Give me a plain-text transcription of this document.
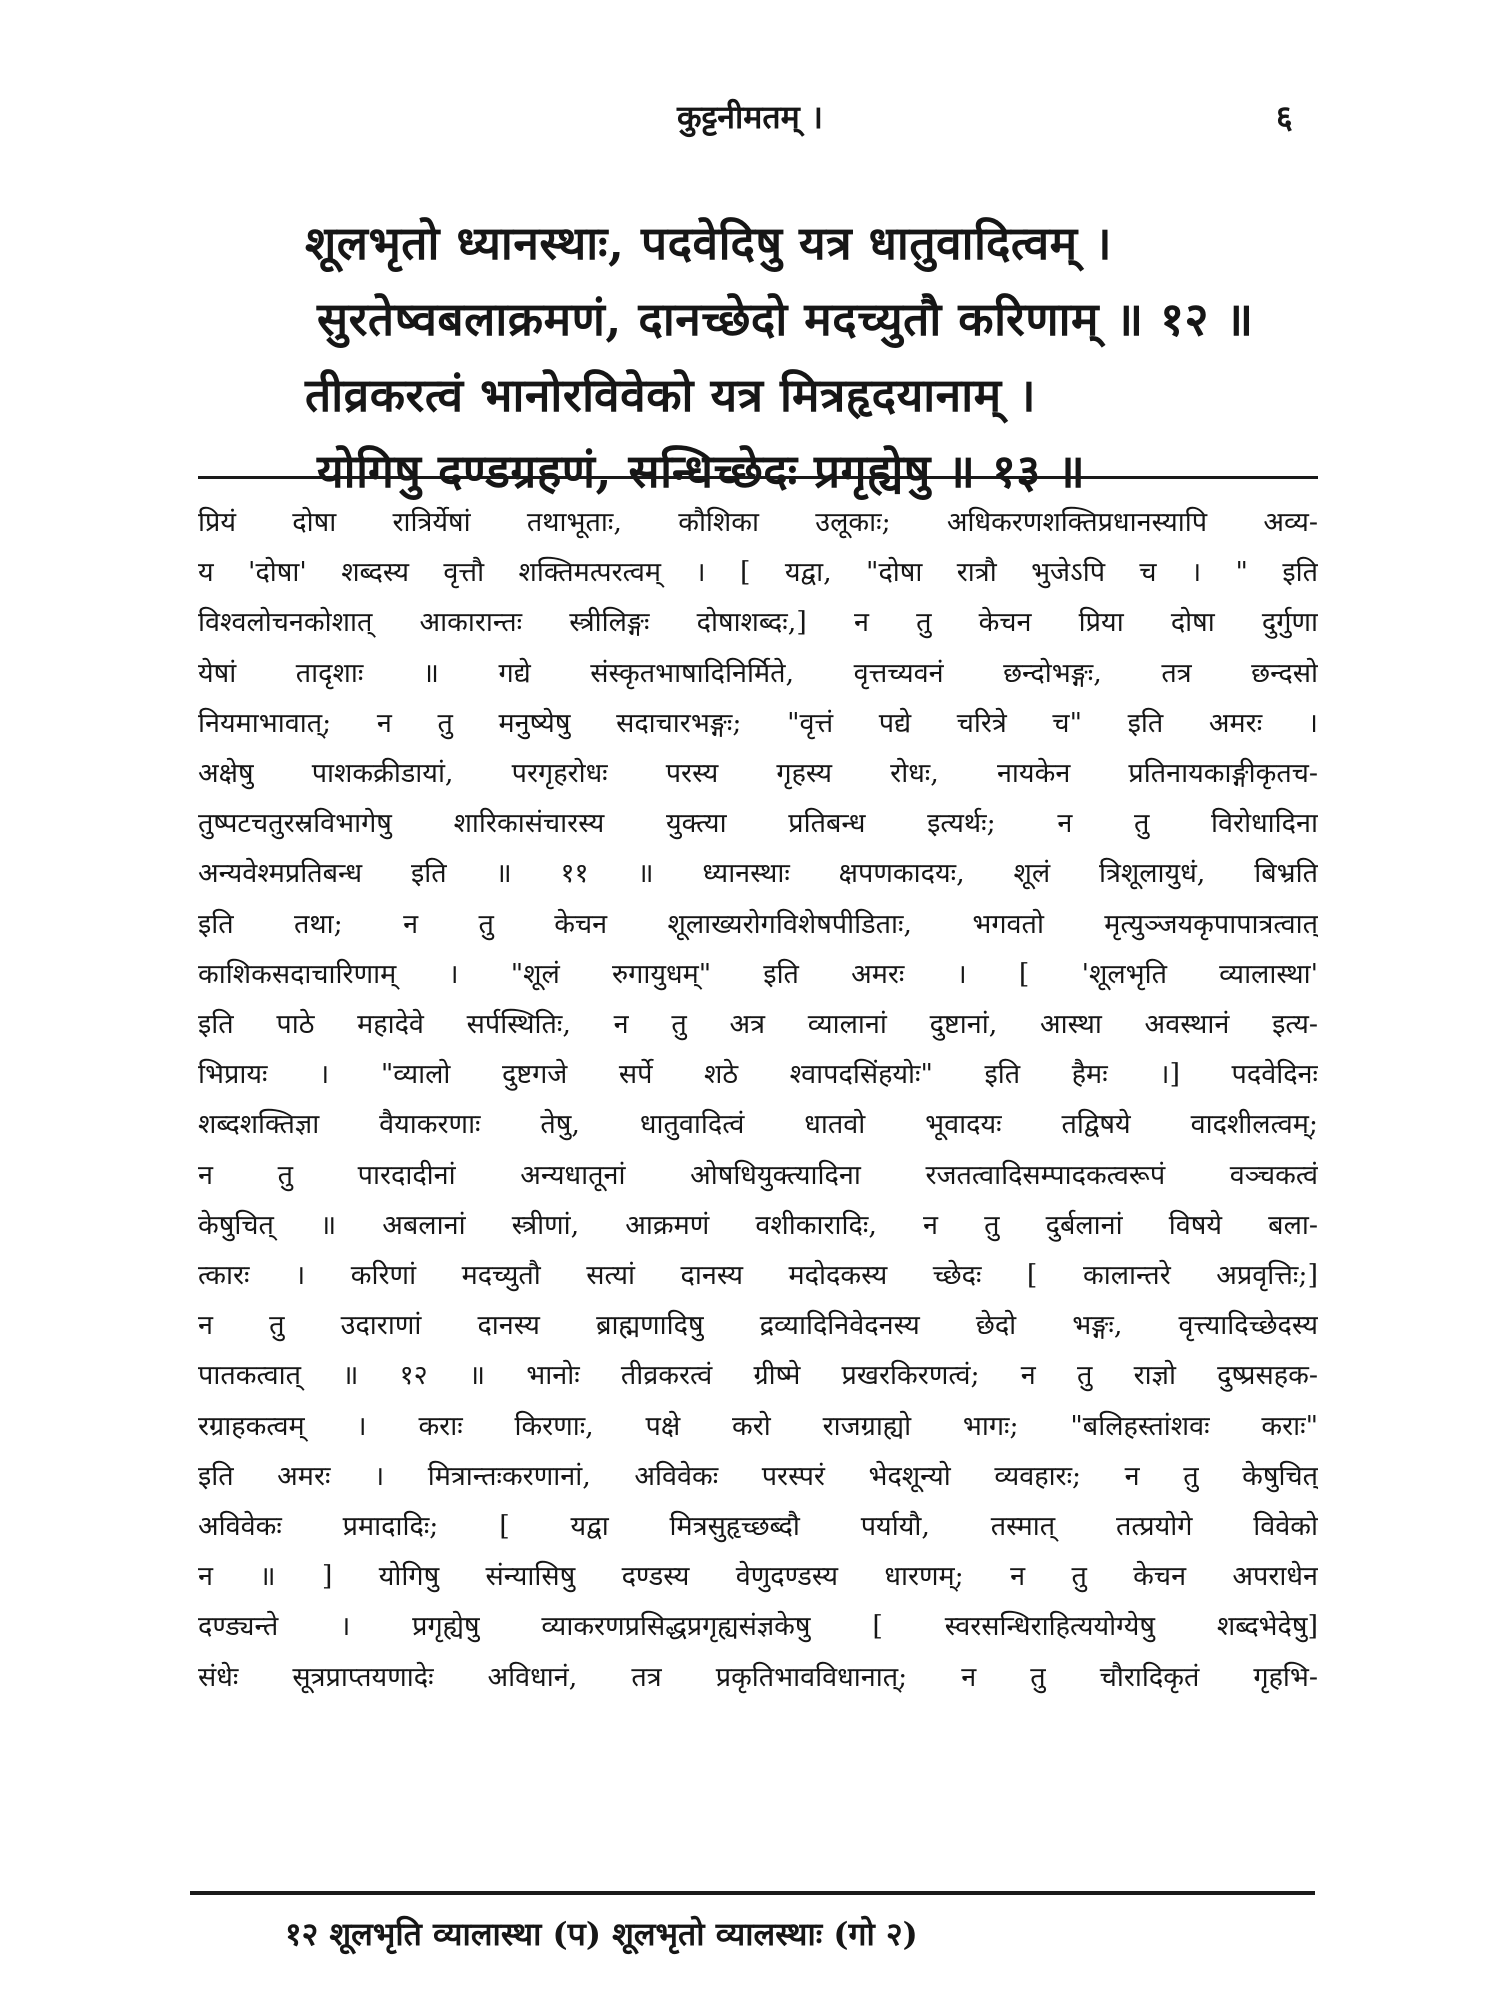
कुट्टनीमतम् ।	६
शूलभृतो ध्यानस्थाः, पदवेदिषु यत्र धातुवादित्वम् ।
सुरतेष्वबलाक्रमणं, दानच्छेदो मदच्युतौ करिणाम् ॥ १२ ॥
तीव्रकरत्वं भानोरविवेको यत्र मित्रहृदयानाम् ।
योगिषु दण्डग्रहणं, सन्धिच्छेदः प्रगृह्येषु ॥ १३ ॥
प्रियं दोषा रात्रिर्येषां तथाभूताः, कौशिका उलूकाः; अधिकरणशक्तिप्रधानस्यापि अव्य-
य 'दोषा' शब्दस्य वृत्तौ शक्तिमत्परत्वम् । [ यद्वा, "दोषा रात्रौ भुजेऽपि च । " इति
विश्वलोचनकोशात् आकारान्तः स्त्रीलिङ्गः दोषाशब्दः,] न तु केचन प्रिया दोषा दुर्गुणा
येषां तादृशाः ॥ गद्ये संस्कृतभाषादिनिर्मिते, वृत्तच्यवनं छन्दोभङ्गः, तत्र छन्दसो
नियमाभावात्; न तु मनुष्येषु सदाचारभङ्गः; "वृत्तं पद्ये चरित्रे च" इति अमरः ।
अक्षेषु पाशकक्रीडायां, परगृहरोधः परस्य गृहस्य रोधः, नायकेन प्रतिनायकाङ्गीकृतच-
तुष्पटचतुरस्रविभागेषु शारिकासंचारस्य युक्त्या प्रतिबन्ध इत्यर्थः; न तु विरोधादिना
अन्यवेश्मप्रतिबन्ध इति ॥ ११ ॥ ध्यानस्थाः क्षपणकादयः, शूलं त्रिशूलायुधं, बिभ्रति
इति तथा; न तु केचन शूलाख्यरोगविशेषपीडिताः, भगवतो मृत्युञ्जयकृपापात्रत्वात्
काशिकसदाचारिणाम् । "शूलं रुगायुधम्" इति अमरः । [ 'शूलभृति व्यालास्था'
इति पाठे महादेवे सर्पस्थितिः, न तु अत्र व्यालानां दुष्टानां, आस्था अवस्थानं इत्य-
भिप्रायः । "व्यालो दुष्टगजे सर्पे शठे श्वापदसिंहयोः" इति हैमः ।] पदवेदिनः
शब्दशक्तिज्ञा वैयाकरणाः तेषु, धातुवादित्वं धातवो भूवादयः तद्विषये वादशीलत्वम्;
न तु पारदादीनां अन्यधातूनां ओषधियुक्त्यादिना रजतत्वादिसम्पादकत्वरूपं वञ्चकत्वं
केषुचित् ॥ अबलानां स्त्रीणां, आक्रमणं वशीकारादिः, न तु दुर्बलानां विषये बला-
त्कारः । करिणां मदच्युतौ सत्यां दानस्य मदोदकस्य च्छेदः [ कालान्तरे अप्रवृत्तिः;]
न तु उदाराणां दानस्य ब्राह्मणादिषु द्रव्यादिनिवेदनस्य छेदो भङ्गः, वृत्त्यादिच्छेदस्य
पातकत्वात् ॥ १२ ॥ भानोः तीव्रकरत्वं ग्रीष्मे प्रखरकिरणत्वं; न तु राज्ञो दुष्प्रसहक-
रग्राहकत्वम् । कराः किरणाः, पक्षे करो राजग्राह्यो भागः; "बलिहस्तांशवः कराः"
इति अमरः । मित्रान्तःकरणानां, अविवेकः परस्परं भेदशून्यो व्यवहारः; न तु केषुचित्
अविवेकः प्रमादादिः; [ यद्वा मित्रसुहृच्छब्दौ पर्यायौ, तस्मात् तत्प्रयोगे विवेको
न ॥ ] योगिषु संन्यासिषु दण्डस्य वेणुदण्डस्य धारणम्; न तु केचन अपराधेन
दण्ड्यन्ते । प्रगृह्येषु व्याकरणप्रसिद्धप्रगृह्यसंज्ञकेषु [ स्वरसन्धिराहित्ययोग्येषु शब्दभेदेषु]
संधेः सूत्रप्राप्तयणादेः अविधानं, तत्र प्रकृतिभावविधानात्; न तु चौरादिकृतं गृहभि-
१२ शूलभृति व्यालास्था (प) शूलभृतो व्यालस्थाः (गो २)
